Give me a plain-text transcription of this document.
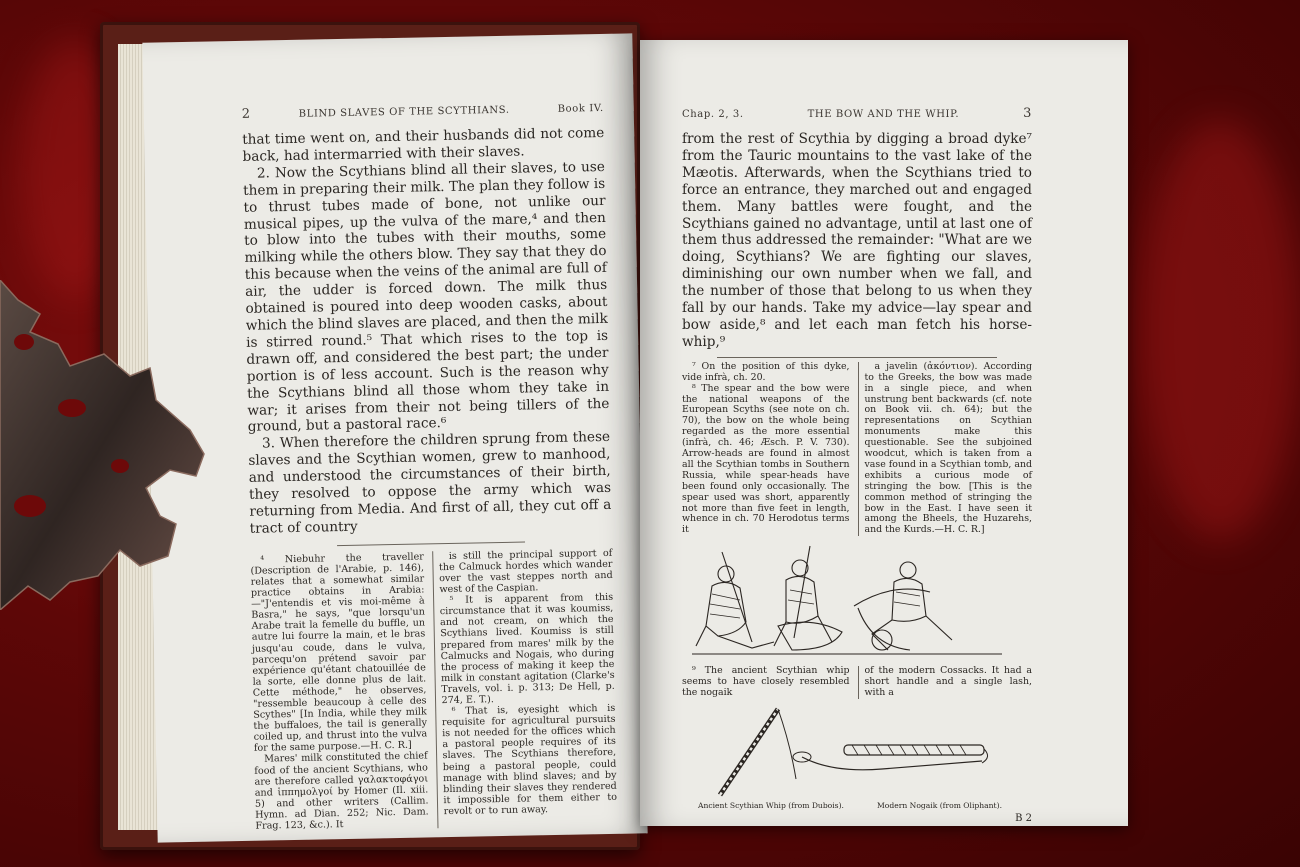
2	BLIND SLAVES OF THE SCYTHIANS.	Book IV.

that time went on, and their husbands did not come back, had intermarried with their slaves.

2. Now the Scythians blind all their slaves, to use them in preparing their milk. The plan they follow is to thrust tubes made of bone, not unlike our musical pipes, up the vulva of the mare,⁴ and then to blow into the tubes with their mouths, some milking while the others blow. They say that they do this because when the veins of the animal are full of air, the udder is forced down. The milk thus obtained is poured into deep wooden casks, about which the blind slaves are placed, and then the milk is stirred round.⁵ That which rises to the top is drawn off, and considered the best part; the under portion is of less account. Such is the reason why the Scythians blind all those whom they take in war; it arises from their not being tillers of the ground, but a pastoral race.⁶

3. When therefore the children sprung from these slaves and the Scythian women, grew to manhood, and understood the circumstances of their birth, they resolved to oppose the army which was returning from Media. And first of all, they cut off a tract of country

⁴ Niebuhr the traveller (Description de l'Arabie, p. 146), relates that a somewhat similar practice obtains in Arabia:—"J'entendis et vis moi-même à Basra," he says, "que lorsqu'un Arabe trait la femelle du buffle, un autre lui fourre la main, et le bras jusqu'au coude, dans le vulva, parcequ'on prétend savoir par expérience qu'étant chatouillée de la sorte, elle donne plus de lait. Cette méthode," he observes, "ressemble beaucoup à celle des Scythes" [In India, while they milk the buffaloes, the tail is generally coiled up, and thrust into the vulva for the same purpose.—H. C. R.]

Mares' milk constituted the chief food of the ancient Scythians, who are therefore called γαλακτοφάγοι and ἱππημολγοί by Homer (Il. xiii. 5) and other writers (Callim. Hymn. ad Dian. 252; Nic. Dam. Frag. 123, &c.). It

is still the principal support of the Calmuck hordes which wander over the vast steppes north and west of the Caspian.

⁵ It is apparent from this circumstance that it was koumiss, and not cream, on which the Scythians lived. Koumiss is still prepared from mares' milk by the Calmucks and Nogais, who during the process of making it keep the milk in constant agitation (Clarke's Travels, vol. i. p. 313; De Hell, p. 274, E. T.).

⁶ That is, eyesight which is requisite for agricultural pursuits is not needed for the offices which a pastoral people requires of its slaves. The Scythians therefore, being a pastoral people, could manage with blind slaves; and by blinding their slaves they rendered it impossible for them either to revolt or to run away.

Chap. 2, 3.	THE BOW AND THE WHIP.	3

from the rest of Scythia by digging a broad dyke⁷ from the Tauric mountains to the vast lake of the Mæotis. Afterwards, when the Scythians tried to force an entrance, they marched out and engaged them. Many battles were fought, and the Scythians gained no advantage, until at last one of them thus addressed the remainder: "What are we doing, Scythians? We are fighting our slaves, diminishing our own number when we fall, and the number of those that belong to us when they fall by our hands. Take my advice—lay spear and bow aside,⁸ and let each man fetch his horse-whip,⁹

⁷ On the position of this dyke, vide infrà, ch. 20.

⁸ The spear and the bow were the national weapons of the European Scyths (see note on ch. 70), the bow on the whole being regarded as the more essential (infrà, ch. 46; Æsch. P. V. 730). Arrow-heads are found in almost all the Scythian tombs in Southern Russia, while spear-heads have been found only occasionally. The spear used was short, apparently not more than five feet in length, whence in ch. 70 Herodotus terms it

a javelin (ἀκόντιον). According to the Greeks, the bow was made in a single piece, and when unstrung bent backwards (cf. note on Book vii. ch. 64); but the representations on Scythian monuments make this questionable. See the subjoined woodcut, which is taken from a vase found in a Scythian tomb, and exhibits a curious mode of stringing the bow. [This is the common method of stringing the bow in the East. I have seen it among the Bheels, the Huzarehs, and the Kurds.—H. C. R.]

⁹ The ancient Scythian whip seems to have closely resembled the nogaik

of the modern Cossacks. It had a short handle and a single lash, with a

Ancient Scythian Whip (from Dubois).	Modern Nogaik (from Oliphant).
B 2
